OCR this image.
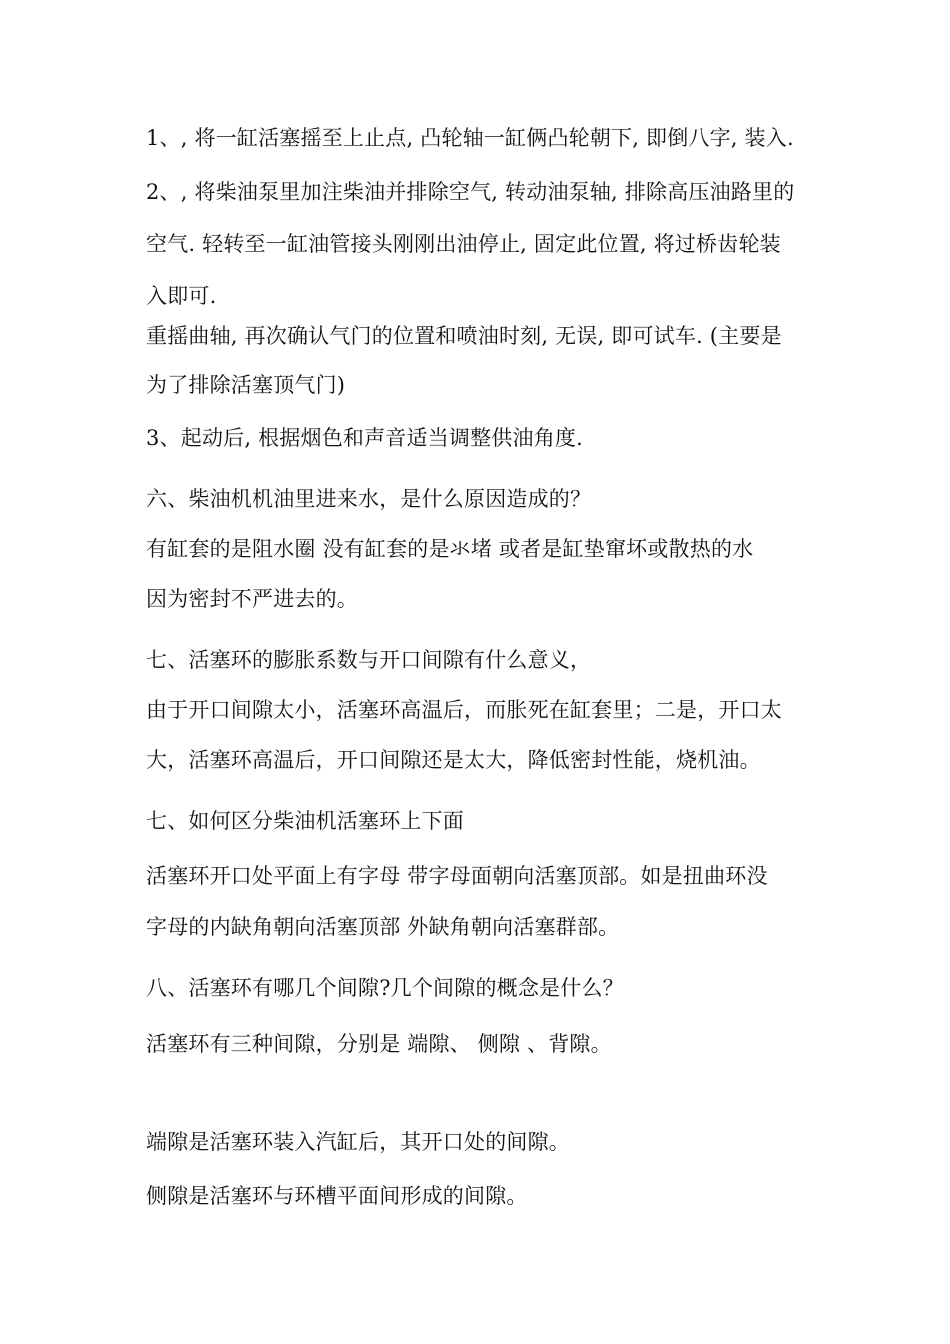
1、, 将一缸活塞摇至上止点, 凸轮轴一缸俩凸轮朝下, 即倒八字, 装入.
2、, 将柴油泵里加注柴油并排除空气, 转动油泵轴, 排除高压油路里的
空气. 轻转至一缸油管接头刚刚出油停止, 固定此位置, 将过桥齿轮装
入即可.
重摇曲轴, 再次确认气门的位置和喷油时刻, 无误, 即可试车. (主要是
为了排除活塞顶气门)
3、起动后, 根据烟色和声音适当调整供油角度.
六、柴油机机油里进来水，是什么原因造成的？
有缸套的是阻水圈 没有缸套的是氺堵 或者是缸垫窜坏或散热的水
因为密封不严进去的。
七、活塞环的膨胀系数与开口间隙有什么意义，
由于开口间隙太小，活塞环高温后，而胀死在缸套里；二是，开口太
大，活塞环高温后，开口间隙还是太大，降低密封性能，烧机油。
七、如何区分柴油机活塞环上下面
活塞环开口处平面上有字母 带字母面朝向活塞顶部。如是扭曲环没
字母的内缺角朝向活塞顶部 外缺角朝向活塞群部。
八、活塞环有哪几个间隙?几个间隙的概念是什么？
活塞环有三种间隙，分别是 端隙、 侧隙 、背隙。
端隙是活塞环装入汽缸后，其开口处的间隙。
侧隙是活塞环与环槽平面间形成的间隙。
